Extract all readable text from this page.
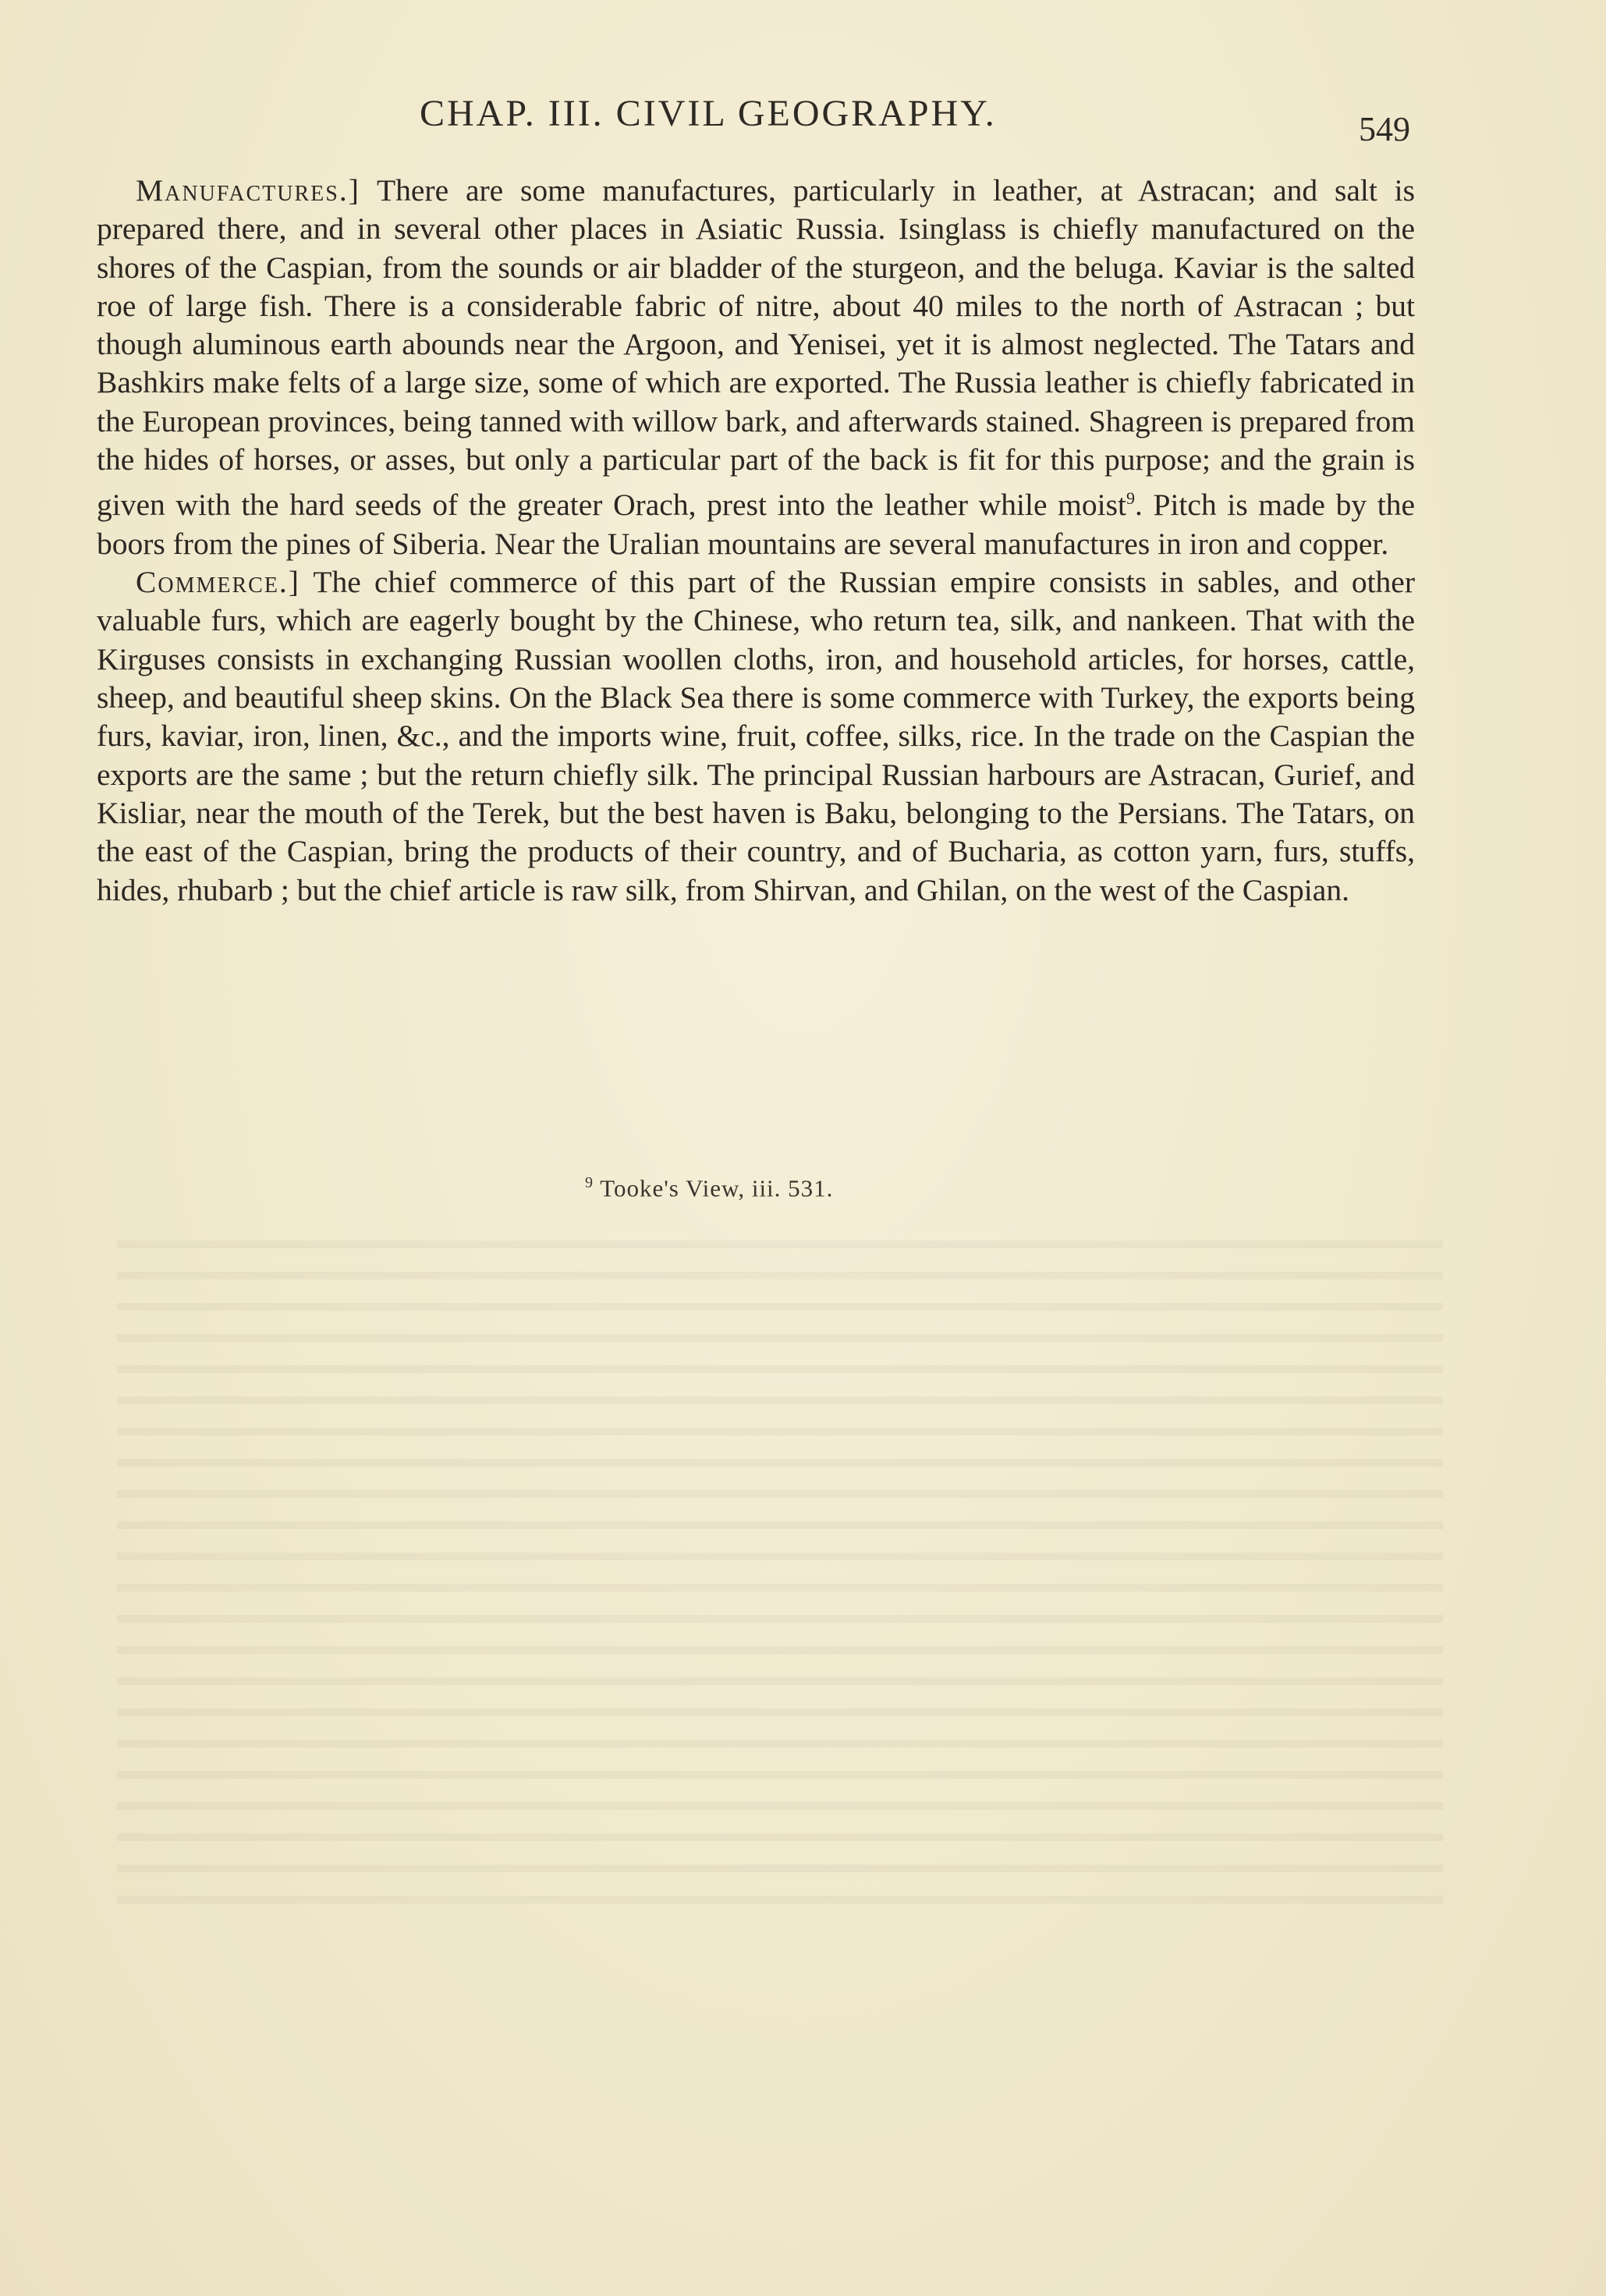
CHAP. III. CIVIL GEOGRAPHY.	549

Manufactures.] There are some manufactures, particularly in leather, at Astracan; and salt is prepared there, and in several other places in Asiatic Russia. Isinglass is chiefly manufactured on the shores of the Caspian, from the sounds or air bladder of the sturgeon, and the beluga. Kaviar is the salted roe of large fish. There is a considerable fabric of nitre, about 40 miles to the north of Astracan ; but though aluminous earth abounds near the Argoon, and Yenisei, yet it is almost neglected. The Tatars and Bashkirs make felts of a large size, some of which are exported. The Russia leather is chiefly fabricated in the European provinces, being tanned with willow bark, and afterwards stained. Shagreen is prepared from the hides of horses, or asses, but only a particular part of the back is fit for this purpose; and the grain is given with the hard seeds of the greater Orach, prest into the leather while moist$^9$. Pitch is made by the boors from the pines of Siberia. Near the Uralian mountains are several manufactures in iron and copper.

Commerce.] The chief commerce of this part of the Russian empire consists in sables, and other valuable furs, which are eagerly bought by the Chinese, who return tea, silk, and nankeen. That with the Kirguses consists in exchanging Russian woollen cloths, iron, and household articles, for horses, cattle, sheep, and beautiful sheep skins. On the Black Sea there is some commerce with Turkey, the exports being furs, kaviar, iron, linen, &c., and the imports wine, fruit, coffee, silks, rice. In the trade on the Caspian the exports are the same ; but the return chiefly silk. The principal Russian harbours are Astracan, Gurief, and Kisliar, near the mouth of the Terek, but the best haven is Baku, belonging to the Persians. The Tatars, on the east of the Caspian, bring the products of their country, and of Bucharia, as cotton yarn, furs, stuffs, hides, rhubarb ; but the chief article is raw silk, from Shirvan, and Ghilan, on the west of the Caspian.

$^9$ Tooke's View, iii. 531.
